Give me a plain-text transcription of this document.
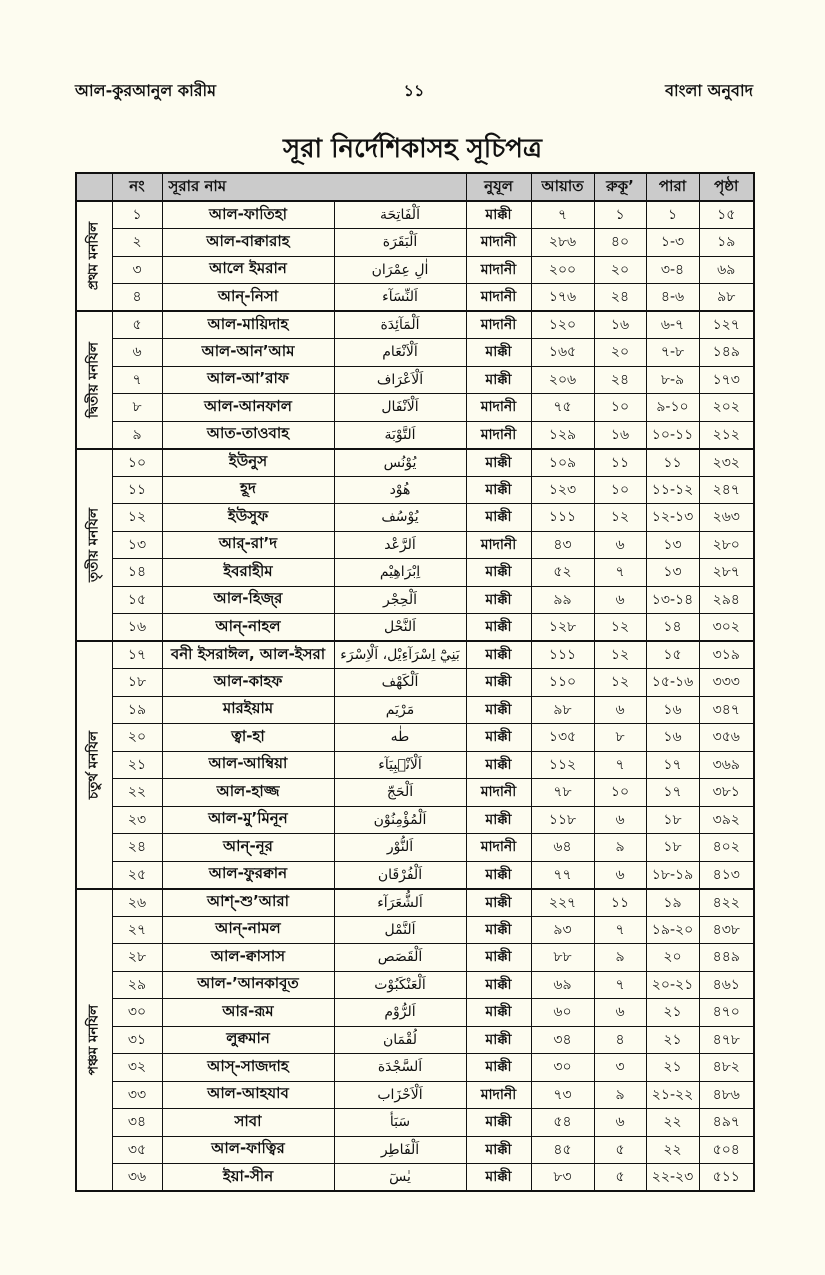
আল-কুরআনুল কারীম	১১	বাংলা অনুবাদ
সূরা নির্দেশিকাসহ সূচিপত্র
	নং	সূরার নাম		নুযূল	আয়াত	রুকূ’	পারা	পৃষ্ঠা

প্রথম মনযিল	১	আল-ফাতিহা	اَلْفَاتِحَة	মাক্কী	৭	১	১	১৫
	২	আল-বাক্বারাহ	اَلْبَقَرَة	মাদানী	২৮৬	৪০	১-৩	১৯
	৩	আলে ইমরান	اٰلِ عِمْرَان	মাদানী	২০০	২০	৩-৪	৬৯
	৪	আন্‌-নিসা	اَلنِّسَآء	মাদানী	১৭৬	২৪	৪-৬	৯৮

দ্বিতীয় মনযিল	৫	আল-মায়িদাহ	اَلْمَآئِدَة	মাদানী	১২০	১৬	৬-৭	১২৭
	৬	আল-আন’আম	اَلْاَنْعَام	মাক্কী	১৬৫	২০	৭-৮	১৪৯
	৭	আল-আ’রাফ	اَلْاَعْرَاف	মাক্কী	২০৬	২৪	৮-৯	১৭৩
	৮	আল-আনফাল	اَلْاَنْفَال	মাদানী	৭৫	১০	৯-১০	২০২
	৯	আত-তাওবাহ	اَلتَّوْبَة	মাদানী	১২৯	১৬	১০-১১	২১২

তৃতীয় মনযিল	১০	ইউনুস	يُوْنُس	মাক্কী	১০৯	১১	১১	২৩২
	১১	হূদ	هُوْد	মাক্কী	১২৩	১০	১১-১২	২৪৭
	১২	ইউসুফ	يُوْسُف	মাক্কী	১১১	১২	১২-১৩	২৬৩
	১৩	আর্‌-রা’দ	اَلرَّعْد	মাদানী	৪৩	৬	১৩	২৮০
	১৪	ইবরাহীম	اِبْرَاهِيْم	মাক্কী	৫২	৭	১৩	২৮৭
	১৫	আল-হিজ্‌র	اَلْحِجْر	মাক্কী	৯৯	৬	১৩-১৪	২৯৪
	১৬	আন্‌-নাহল	اَلنَّحْل	মাক্কী	১২৮	১২	১৪	৩০২

চতুর্থ মনযিল	১৭	বনী ইসরাঈল, আল-ইসরা	بَنِيْٓ اِسْرَآءِيْل، اَلْاِسْرَء	মাক্কী	১১১	১২	১৫	৩১৯
	১৮	আল-কাহফ	اَلْكَهْف	মাক্কী	১১০	১২	১৫-১৬	৩৩৩
	১৯	মারইয়াম	مَرْيَم	মাক্কী	৯৮	৬	১৬	৩৪৭
	২০	ত্বা-হা	طٰه	মাক্কী	১৩৫	৮	১৬	৩৫৬
	২১	আল-আম্বিয়া	اَلْاَنْۢبِيَآء	মাক্কী	১১২	৭	১৭	৩৬৯
	২২	আল-হাজ্জ	اَلْحَجّ	মাদানী	৭৮	১০	১৭	৩৮১
	২৩	আল-মু’মিনূন	اَلْمُؤْمِنُوْن	মাক্কী	১১৮	৬	১৮	৩৯২
	২৪	আন্‌-নূর	اَلنُّوْر	মাদানী	৬৪	৯	১৮	৪০২
	২৫	আল-ফুরক্বান	اَلْفُرْقَان	মাক্কী	৭৭	৬	১৮-১৯	৪১৩

পঞ্চম মনযিল	২৬	আশ্‌-শু’আরা	اَلشُّعَرَآء	মাক্কী	২২৭	১১	১৯	৪২২
	২৭	আন্‌-নামল	اَلنَّمْل	মাক্কী	৯৩	৭	১৯-২০	৪৩৮
	২৮	আল-ক্বাসাস	اَلْقَصَص	মাক্কী	৮৮	৯	২০	৪৪৯
	২৯	আল-’আনকাবূত	اَلْعَنْكَبُوْت	মাক্কী	৬৯	৭	২০-২১	৪৬১
	৩০	আর-রূম	اَلرُّوْم	মাক্কী	৬০	৬	২১	৪৭০
	৩১	লুক্বমান	لُقْمَان	মাক্কী	৩৪	৪	২১	৪৭৮
	৩২	আস্‌-সাজদাহ	اَلسَّجْدَة	মাক্কী	৩০	৩	২১	৪৮২
	৩৩	আল-আহযাব	اَلْاَحْزَاب	মাদানী	৭৩	৯	২১-২২	৪৮৬
	৩৪	সাবা	سَبَأ	মাক্কী	৫৪	৬	২২	৪৯৭
	৩৫	আল-ফাত্বির	اَلْفَاطِر	মাক্কী	৪৫	৫	২২	৫০৪
	৩৬	ইয়া-সীন	يٰسٓ	মাক্কী	৮৩	৫	২২-২৩	৫১১
